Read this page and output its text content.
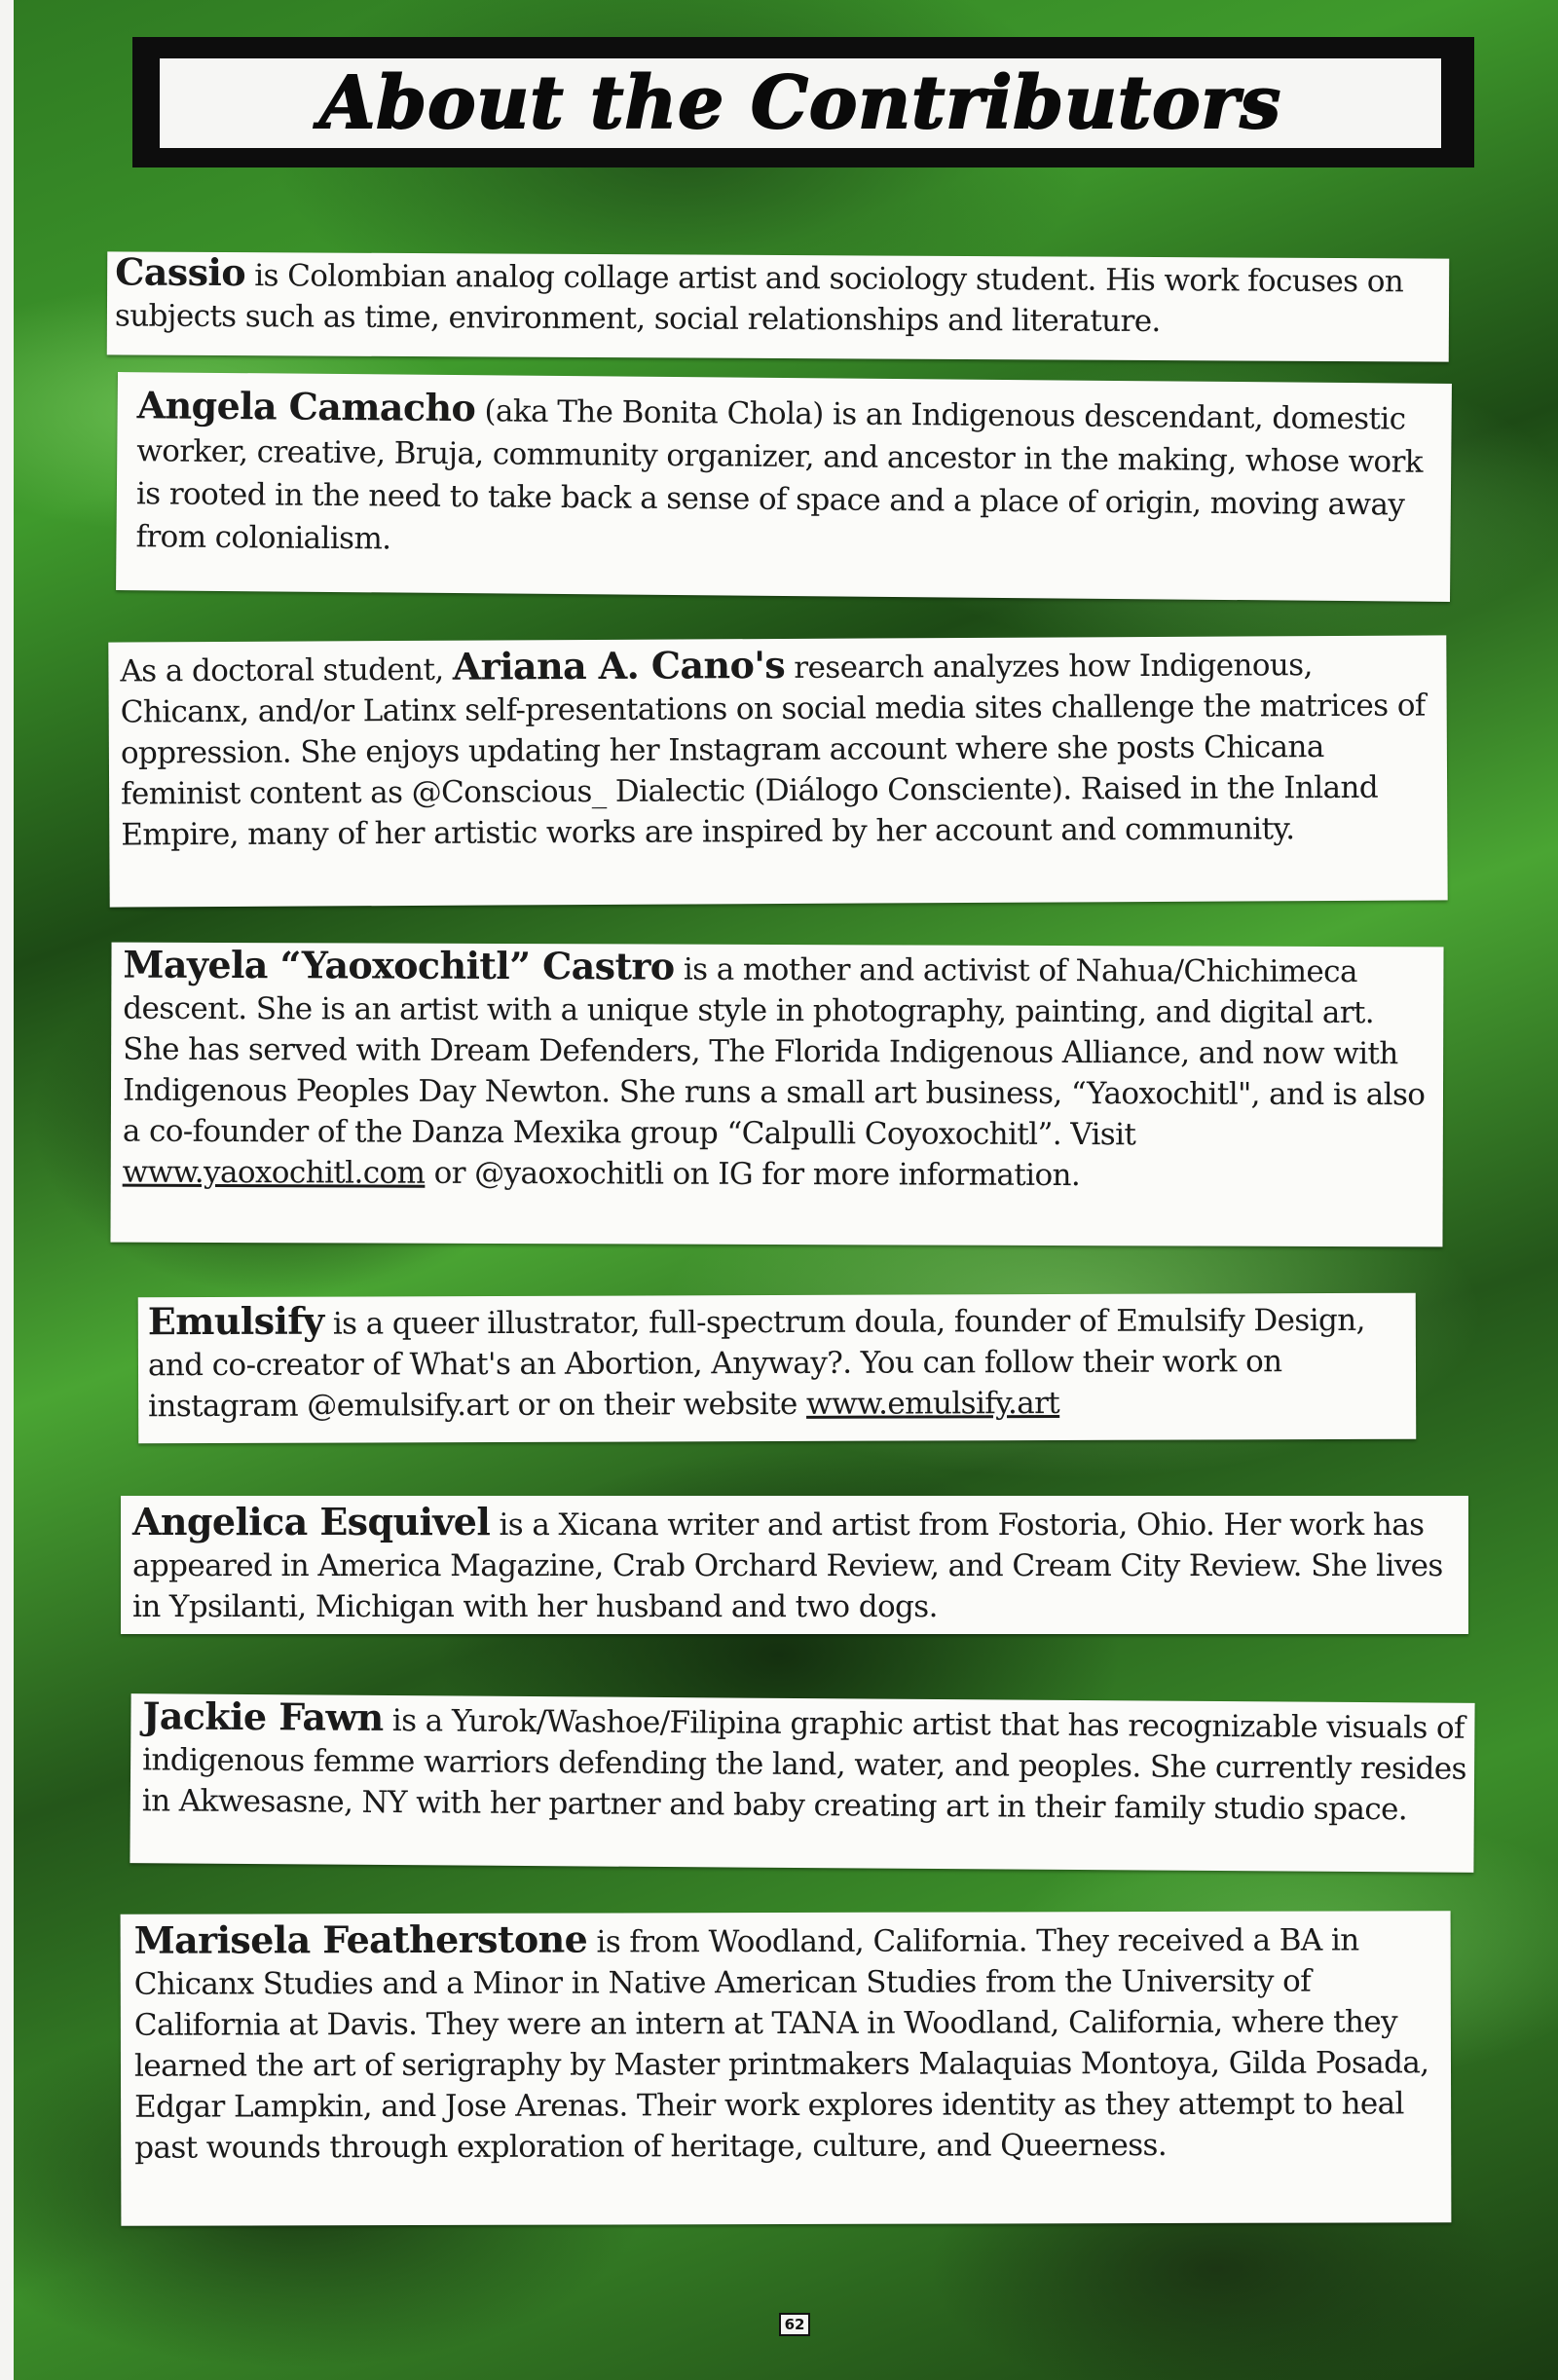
About the Contributors
Cassio is Colombian analog collage artist and sociology student. His work focuses on subjects such as time, environment, social relationships and literature.
Angela Camacho (aka The Bonita Chola) is an Indigenous descendant, domestic worker, creative, Bruja, community organizer, and ancestor in the making, whose work is rooted in the need to take back a sense of space and a place of origin, moving away from colonialism.
As a doctoral student, Ariana A. Cano's research analyzes how Indigenous, Chicanx, and/or Latinx self-presentations on social media sites challenge the matrices of oppression. She enjoys updating her Instagram account where she posts Chicana feminist content as @Conscious_ Dialectic (Diálogo Consciente). Raised in the Inland Empire, many of her artistic works are inspired by her account and community.
Mayela “Yaoxochitl” Castro is a mother and activist of Nahua/Chichimeca descent. She is an artist with a unique style in photography, painting, and digital art. She has served with Dream Defenders, The Florida Indigenous Alliance, and now with Indigenous Peoples Day Newton. She runs a small art business, “Yaoxochitl", and is also a co-founder of the Danza Mexika group “Calpulli Coyoxochitl”. Visit www.yaoxochitl.com or @yaoxochitli on IG for more information.
Emulsify is a queer illustrator, full-spectrum doula, founder of Emulsify Design, and co-creator of What's an Abortion, Anyway?. You can follow their work on instagram @emulsify.art or on their website www.emulsify.art
Angelica Esquivel is a Xicana writer and artist from Fostoria, Ohio. Her work has appeared in America Magazine, Crab Orchard Review, and Cream City Review. She lives in Ypsilanti, Michigan with her husband and two dogs.
Jackie Fawn is a Yurok/Washoe/Filipina graphic artist that has recognizable visuals of indigenous femme warriors defending the land, water, and peoples. She currently resides in Akwesasne, NY with her partner and baby creating art in their family studio space.
Marisela Featherstone is from Woodland, California. They received a BA in Chicanx Studies and a Minor in Native American Studies from the University of California at Davis. They were an intern at TANA in Woodland, California, where they learned the art of serigraphy by Master printmakers Malaquias Montoya, Gilda Posada, Edgar Lampkin, and Jose Arenas. Their work explores identity as they attempt to heal past wounds through exploration of heritage, culture, and Queerness.
62
